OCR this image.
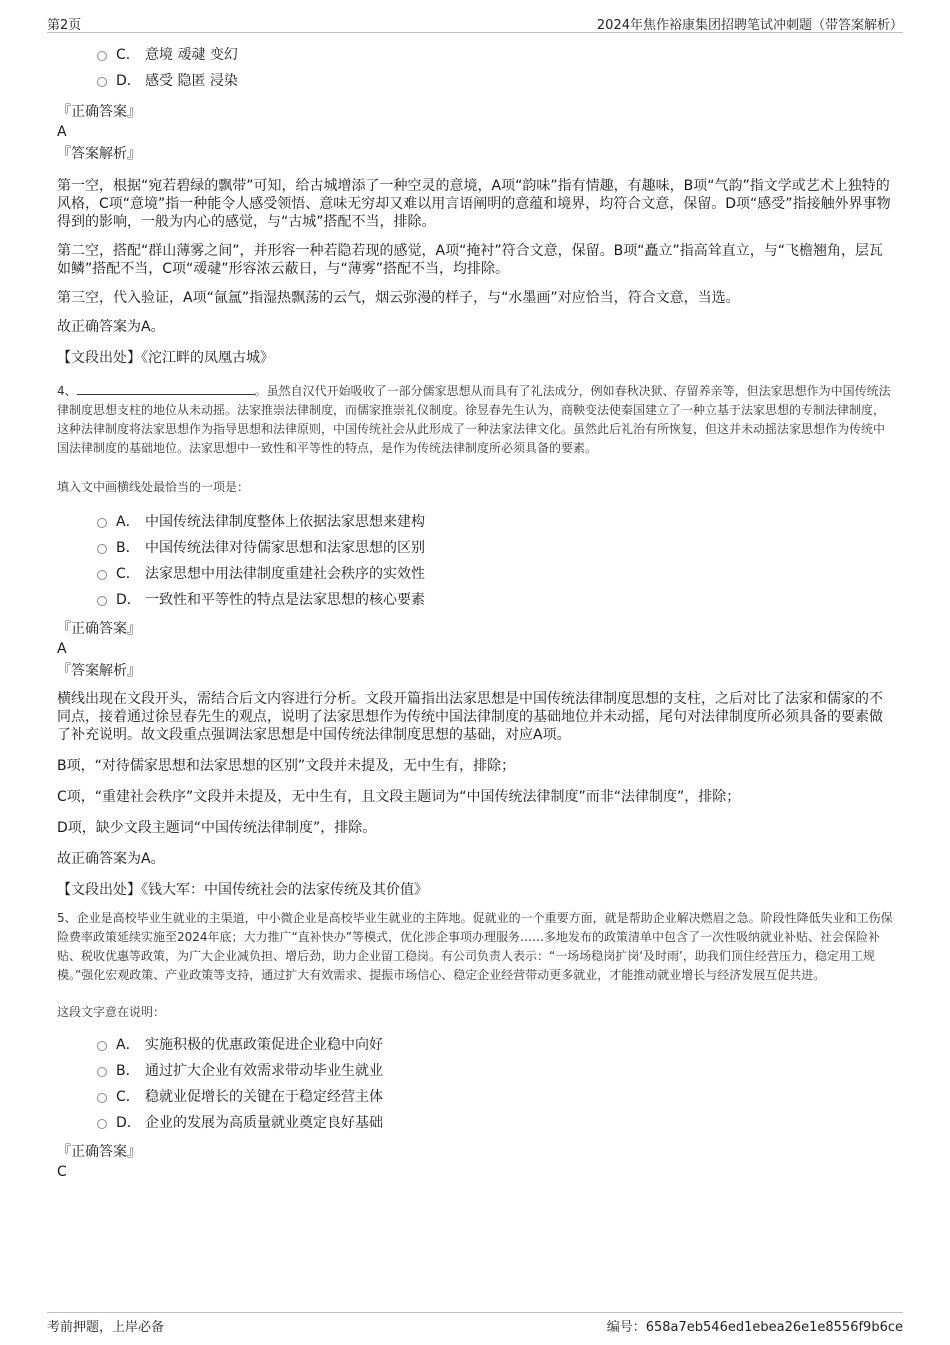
第2页	2024年焦作裕康集团招聘笔试冲刺题（带答案解析）
C． 意境 叆叇 变幻
D． 感受 隐匿 浸染
『正确答案』
A
『答案解析』

第一空，根据“宛若碧绿的飘带”可知，给古城增添了一种空灵的意境，A项“韵味”指有情趣，有趣味，B项“气韵”指文学或艺术上独特的风格，C项“意境”指一种能令人感受领悟、意味无穷却又难以用言语阐明的意蕴和境界，均符合文意，保留。D项“感受”指接触外界事物得到的影响，一般为内心的感觉，与“古城”搭配不当，排除。

第二空，搭配“群山薄雾之间”，并形容一种若隐若现的感觉，A项“掩衬”符合文意，保留。B项“矗立”指高耸直立，与“飞檐翘角，层瓦如鳞”搭配不当，C项“叆叇”形容浓云蔽日，与“薄雾”搭配不当，均排除。

第三空，代入验证，A项“氤氲”指湿热飘荡的云气，烟云弥漫的样子，与“水墨画”对应恰当，符合文意，当选。

故正确答案为A。

【文段出处】《沱江畔的凤凰古城》

4、	。虽然自汉代开始吸收了一部分儒家思想从而具有了礼法成分，例如春秋决狱、存留养亲等，但法家思想作为中国传统法律制度思想支柱的地位从未动摇。法家推崇法律制度，而儒家推崇礼仪制度。徐昱春先生认为，商鞅变法使秦国建立了一种立基于法家思想的专制法律制度，这种法律制度将法家思想作为指导思想和法律原则，中国传统社会从此形成了一种法家法律文化。虽然此后礼治有所恢复，但这并未动摇法家思想作为传统中国法律制度的基础地位。法家思想中一致性和平等性的特点，是作为传统法律制度所必须具备的要素。

填入文中画横线处最恰当的一项是：

A． 中国传统法律制度整体上依据法家思想来建构
B． 中国传统法律对待儒家思想和法家思想的区别
C． 法家思想中用法律制度重建社会秩序的实效性
D． 一致性和平等性的特点是法家思想的核心要素
『正确答案』
A
『答案解析』

横线出现在文段开头，需结合后文内容进行分析。文段开篇指出法家思想是中国传统法律制度思想的支柱，之后对比了法家和儒家的不同点，接着通过徐昱春先生的观点，说明了法家思想作为传统中国法律制度的基础地位并未动摇，尾句对法律制度所必须具备的要素做了补充说明。故文段重点强调法家思想是中国传统法律制度思想的基础，对应A项。

B项，“对待儒家思想和法家思想的区别”文段并未提及，无中生有，排除；

C项，“重建社会秩序”文段并未提及，无中生有，且文段主题词为“中国传统法律制度”而非“法律制度”，排除；

D项，缺少文段主题词“中国传统法律制度”，排除。

故正确答案为A。

【文段出处】《钱大军：中国传统社会的法家传统及其价值》

5、企业是高校毕业生就业的主渠道，中小微企业是高校毕业生就业的主阵地。促就业的一个重要方面，就是帮助企业解决燃眉之急。阶段性降低失业和工伤保险费率政策延续实施至2024年底；大力推广“直补快办”等模式，优化涉企事项办理服务……多地发布的政策清单中包含了一次性吸纳就业补贴、社会保险补贴、税收优惠等政策，为广大企业减负担、增后劲，助力企业留工稳岗。有公司负责人表示：“一场场稳岗扩岗‘及时雨’，助我们顶住经营压力，稳定用工规模。”强化宏观政策、产业政策等支持，通过扩大有效需求、提振市场信心、稳定企业经营带动更多就业，才能推动就业增长与经济发展互促共进。

这段文字意在说明：

A． 实施积极的优惠政策促进企业稳中向好
B． 通过扩大企业有效需求带动毕业生就业
C． 稳就业促增长的关键在于稳定经营主体
D． 企业的发展为高质量就业奠定良好基础
『正确答案』
C
考前押题，上岸必备	编号：658a7eb546ed1ebea26e1e8556f9b6ce
